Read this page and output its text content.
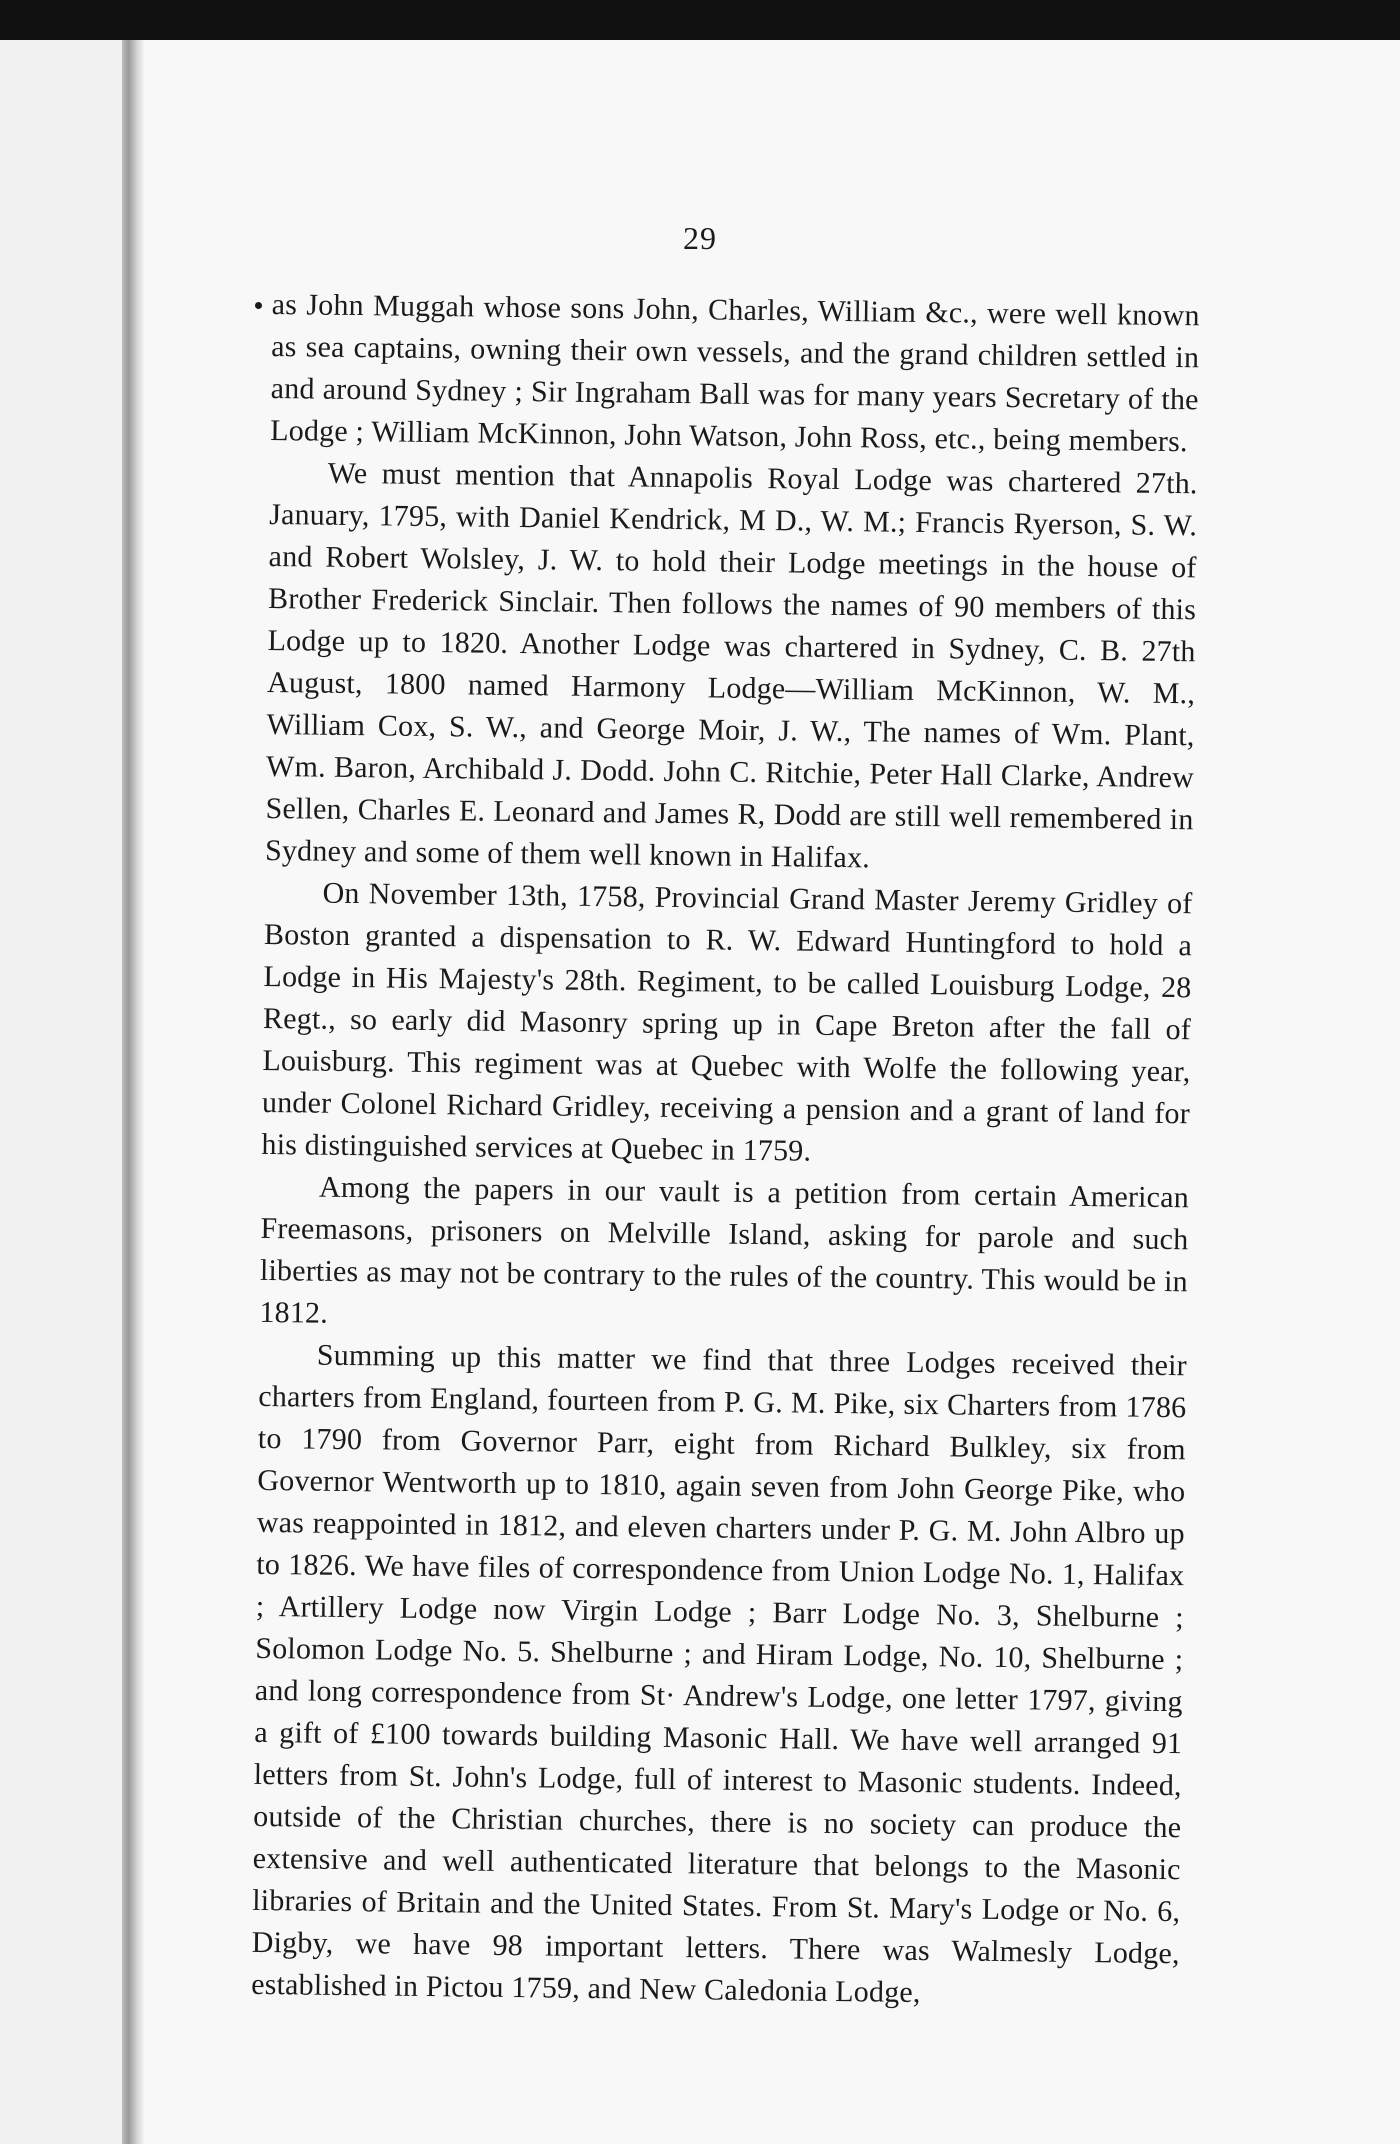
29

as John Muggah whose sons John, Charles, William &c., were well known as sea captains, owning their own vessels, and the grand children settled in and around Sydney ; Sir Ingraham Ball was for many years Secretary of the Lodge ; William McKinnon, John Watson, John Ross, etc., being members.

We must mention that Annapolis Royal Lodge was chartered 27th. January, 1795, with Daniel Kendrick, M D., W. M.; Francis Ryerson, S. W. and Robert Wolsley, J. W. to hold their Lodge meetings in the house of Brother Frederick Sinclair. Then follows the names of 90 members of this Lodge up to 1820. Another Lodge was chartered in Sydney, C. B. 27th August, 1800 named Harmony Lodge—William McKinnon, W. M., William Cox, S. W., and George Moir, J. W., The names of Wm. Plant, Wm. Baron, Archibald J. Dodd. John C. Ritchie, Peter Hall Clarke, Andrew Sellen, Charles E. Leonard and James R, Dodd are still well remembered in Sydney and some of them well known in Halifax.

On November 13th, 1758, Provincial Grand Master Jeremy Gridley of Boston granted a dispensation to R. W. Edward Huntingford to hold a Lodge in His Majesty's 28th. Regiment, to be called Louisburg Lodge, 28 Regt., so early did Masonry spring up in Cape Breton after the fall of Louisburg. This regiment was at Quebec with Wolfe the following year, under Colonel Richard Gridley, receiving a pension and a grant of land for his distinguished services at Quebec in 1759.

Among the papers in our vault is a petition from certain American Freemasons, prisoners on Melville Island, asking for parole and such liberties as may not be contrary to the rules of the country. This would be in 1812.

Summing up this matter we find that three Lodges received their charters from England, fourteen from P. G. M. Pike, six Charters from 1786 to 1790 from Governor Parr, eight from Richard Bulkley, six from Governor Wentworth up to 1810, again seven from John George Pike, who was reappointed in 1812, and eleven charters under P. G. M. John Albro up to 1826. We have files of correspondence from Union Lodge No. 1, Halifax ; Artillery Lodge now Virgin Lodge ; Barr Lodge No. 3, Shelburne ; Solomon Lodge No. 5. Shelburne ; and Hiram Lodge, No. 10, Shelburne ; and long correspondence from St· Andrew's Lodge, one letter 1797, giving a gift of £100 towards building Masonic Hall. We have well arranged 91 letters from St. John's Lodge, full of interest to Masonic students. Indeed, outside of the Christian churches, there is no society can produce the extensive and well authenticated literature that belongs to the Masonic libraries of Britain and the United States. From St. Mary's Lodge or No. 6, Digby, we have 98 important letters. There was Walmesly Lodge, established in Pictou 1759, and New Caledonia Lodge,
